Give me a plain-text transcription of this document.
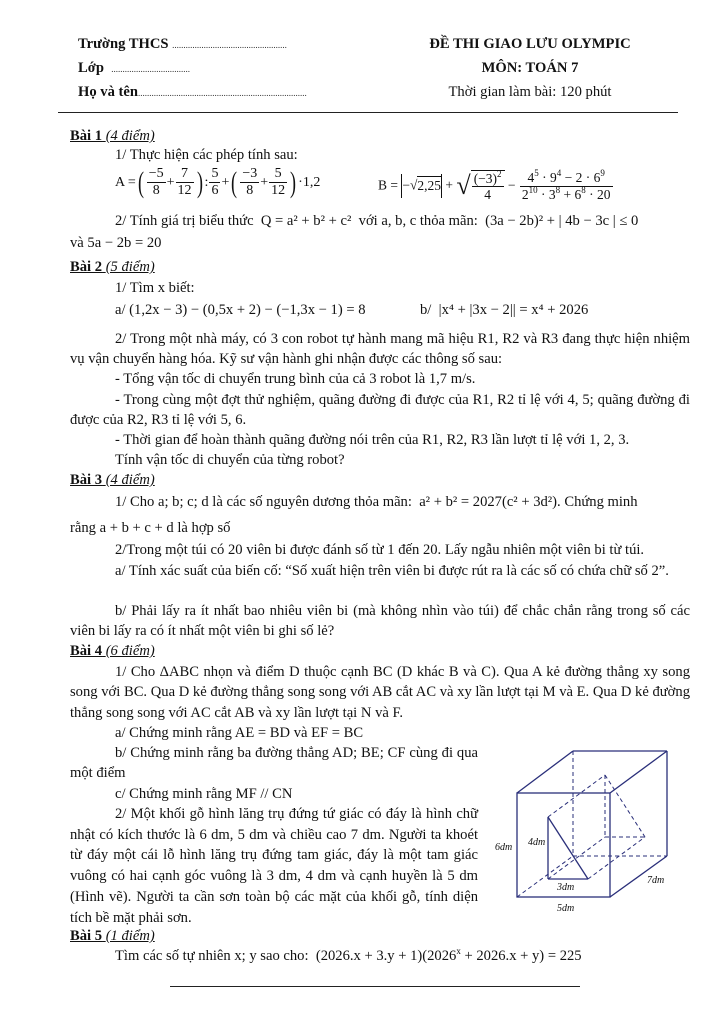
Trường THCS ...................................................
Lớp ...................................
Họ và tên...........................................................................
ĐỀ THI GIAO LƯU OLYMPIC
MÔN: TOÁN 7
Thời gian làm bài: 120 phút
Bài 1 (4 điểm)
1/ Thực hiện các phép tính sau:
A =( $\frac{-5}{8} + \frac{7}{12}$ ) : $\frac{5}{6}$ +( $\frac{-3}{8} + \frac{5}{12}$ ) ·1,2	B = −√2,25 + √ $\frac{(-3)^2}{4} - \frac{4^5 \cdot 9^4 - 2 \cdot 6^9}{2^{10} \cdot 3^8 + 6^8 \cdot 20}$
2/ Tính giá trị biểu thức Q = a² + b² + c² với a, b, c thỏa mãn: (3a − 2b)² + | 4b − 3c | ≤ 0
và 5a − 2b = 20
Bài 2 (5 điểm)
1/ Tìm x biết:
a/ (1,2x − 3) − (0,5x + 2) − (−1,3x − 1) = 8	b/  |x⁴ + |3x − 2|| = x⁴ + 2026
2/ Trong một nhà máy, có 3 con robot tự hành mang mã hiệu R1, R2 và R3 đang thực hiện nhiệm vụ vận chuyển hàng hóa. Kỹ sư vận hành ghi nhận được các thông số sau:
- Tổng vận tốc di chuyển trung bình của cả 3 robot là 1,7 m/s.
- Trong cùng một đợt thử nghiệm, quãng đường đi được của R1, R2 tỉ lệ với 4, 5; quãng đường đi được của R2, R3 tỉ lệ với 5, 6.
- Thời gian để hoàn thành quãng đường nói trên của R1, R2, R3 lần lượt tỉ lệ với 1, 2, 3.
Tính vận tốc di chuyển của từng robot?
Bài 3 (4 điểm)
1/ Cho a; b; c; d là các số nguyên dương thỏa mãn: a² + b² = 2027(c² + 3d²). Chứng minh
rằng a + b + c + d là hợp số
2/Trong một túi có 20 viên bi được đánh số từ 1 đến 20. Lấy ngẫu nhiên một viên bi từ túi.
a/ Tính xác suất của biến cố: “Số xuất hiện trên viên bi được rút ra là các số có chứa chữ số 2”.
b/ Phải lấy ra ít nhất bao nhiêu viên bi (mà không nhìn vào túi) để chắc chắn rằng trong số các viên bi lấy ra có ít nhất một viên bi ghi số lẻ?
Bài 4 (6 điểm)
1/ Cho ΔABC nhọn và điểm D thuộc cạnh BC (D khác B và C). Qua A kẻ đường thẳng xy song song với BC. Qua D kẻ đường thẳng song song với AB cắt AC và xy lần lượt tại M và E. Qua D kẻ đường thẳng song song với AC cắt AB và xy lần lượt tại N và F.
a/ Chứng minh rằng AE = BD và EF = BC
b/ Chứng minh rằng ba đường thẳng AD; BE; CF cùng đi qua một điểm
c/ Chứng minh rằng MF // CN
2/ Một khối gỗ hình lăng trụ đứng tứ giác có đáy là hình chữ nhật có kích thước là 6 dm, 5 dm và chiều cao 7 dm. Người ta khoét từ đáy một cái lỗ hình lăng trụ đứng tam giác, đáy là một tam giác vuông có hai cạnh góc vuông là 3 dm, 4 dm và cạnh huyền là 5 dm (Hình vẽ). Người ta cần sơn toàn bộ các mặt của khối gỗ, tính diện tích bề mặt phải sơn.
6dm 4dm
3dm
5dm
7dm
Bài 5 (1 điểm)
Tìm các số tự nhiên x; y sao cho: $(2026.x + 3.y + 1)(2026^x + 2026.x + y) = 225$
